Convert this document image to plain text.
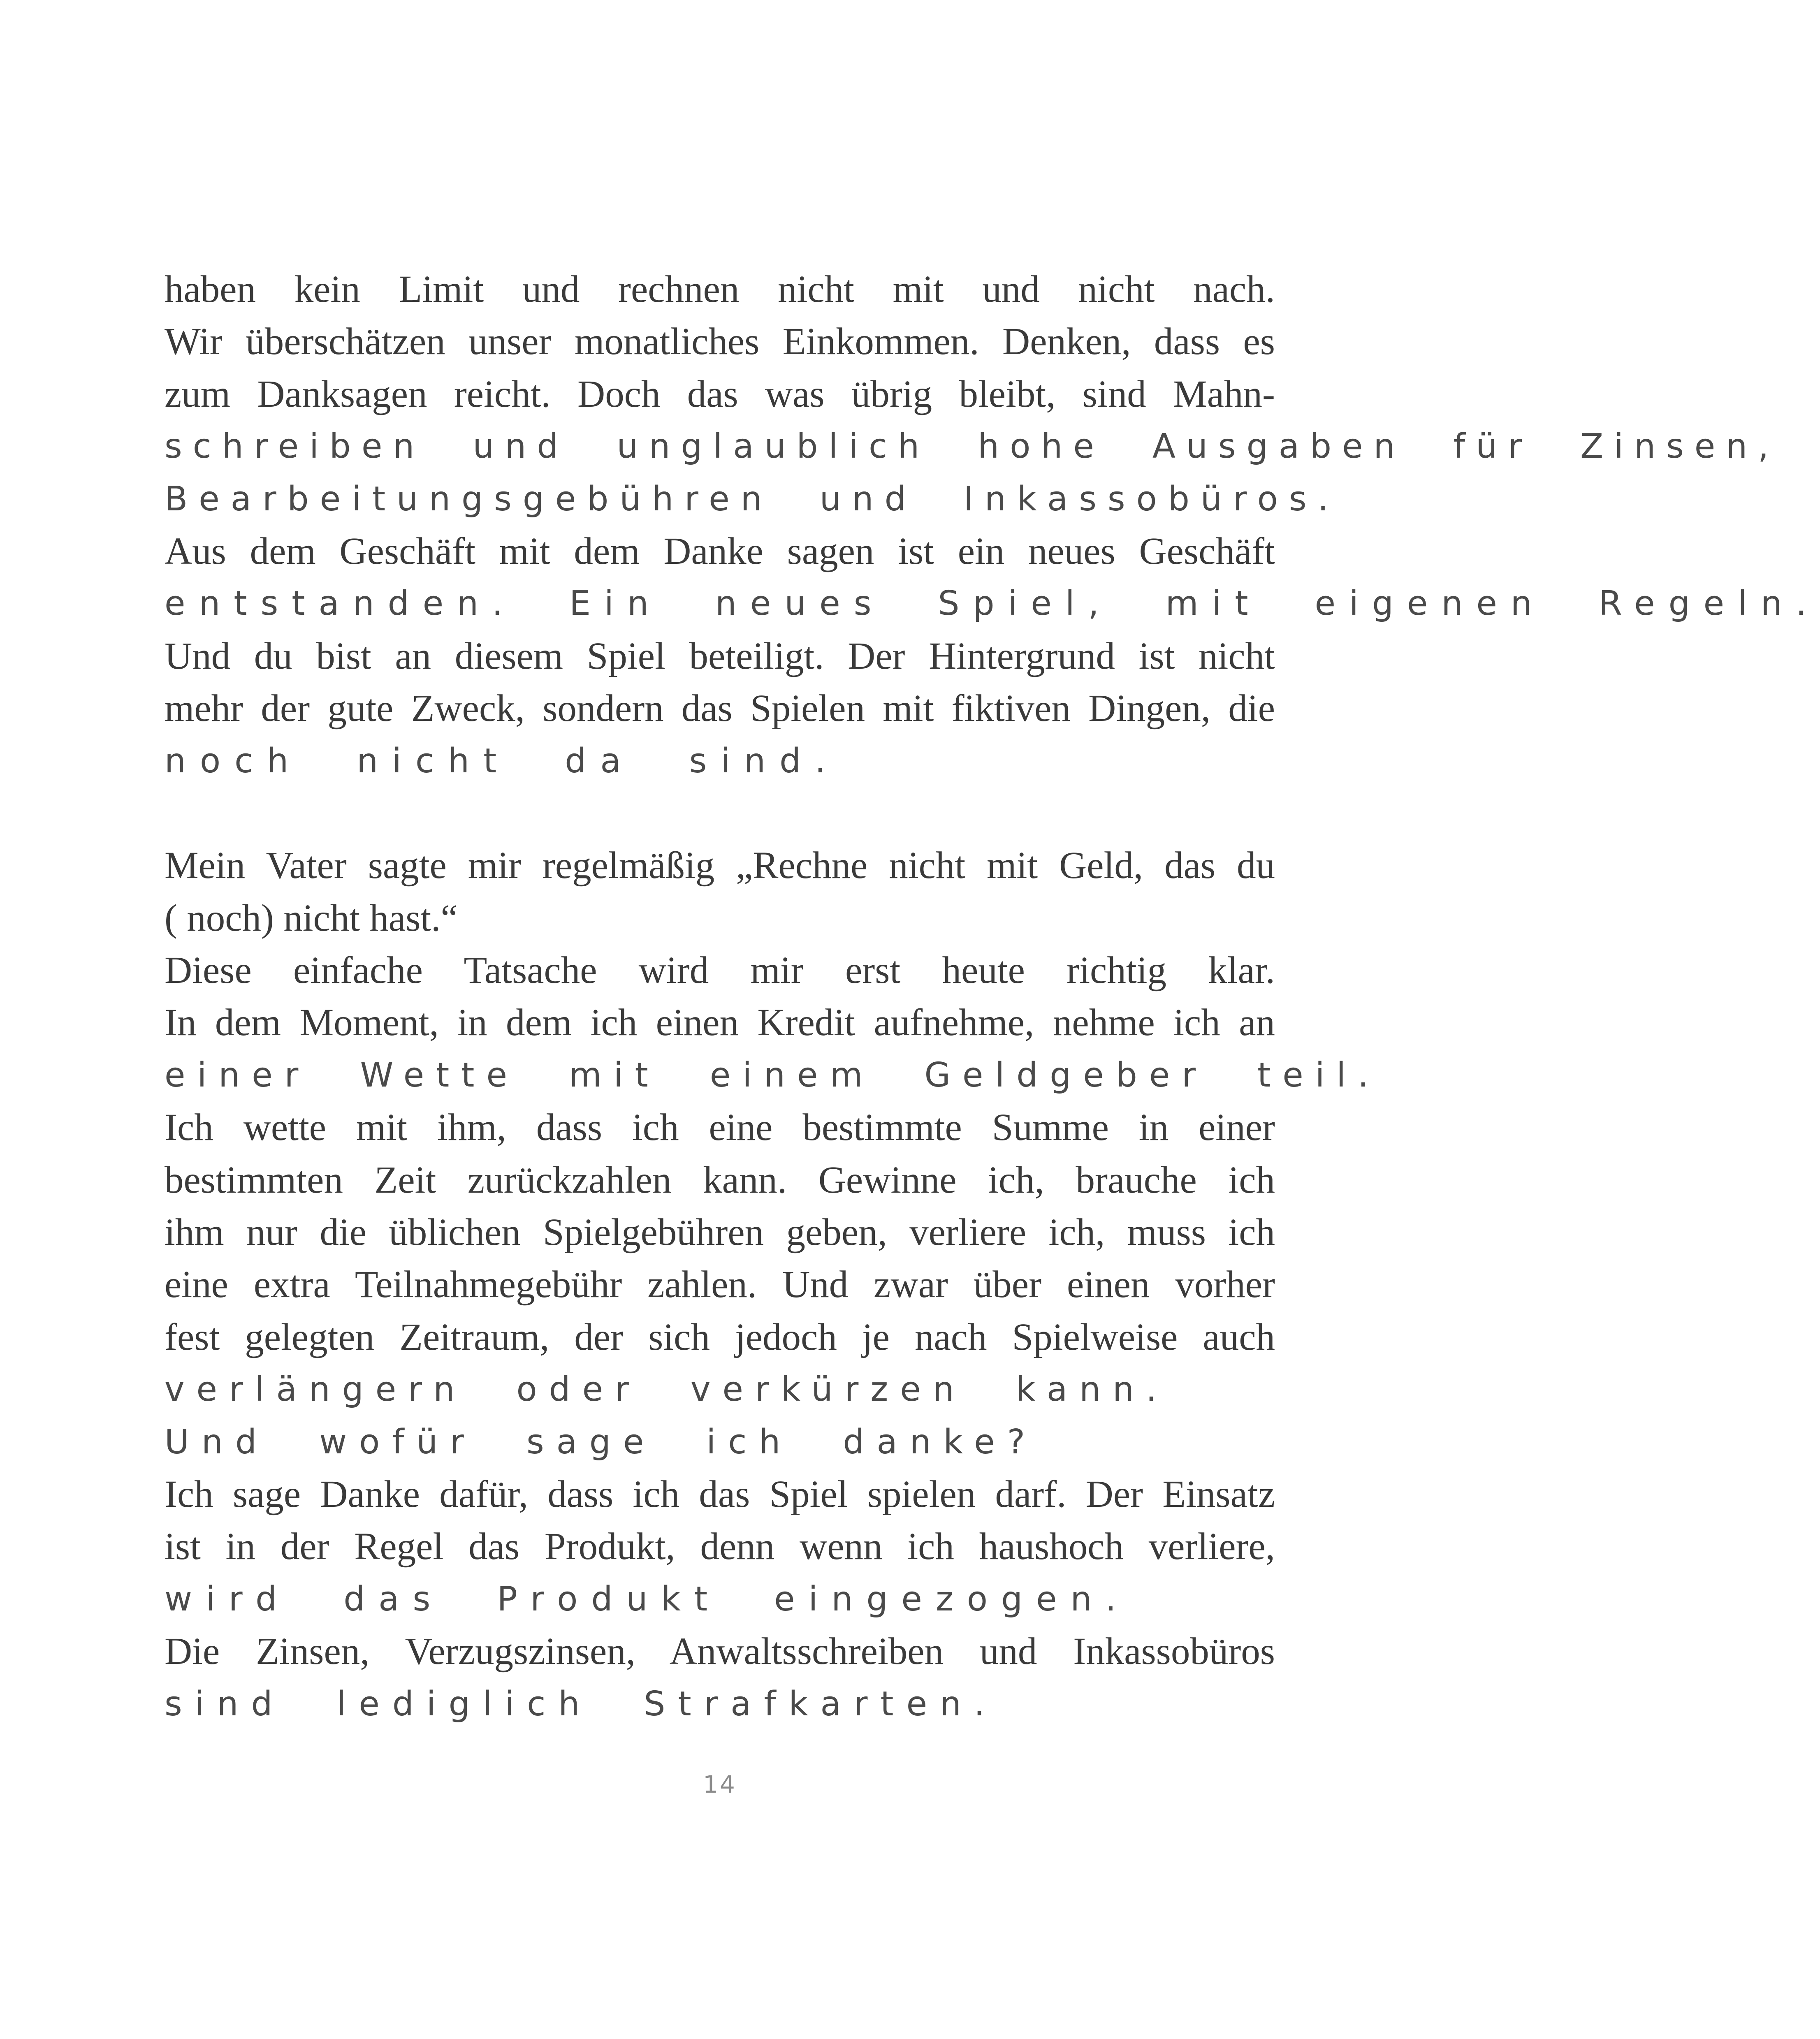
haben kein Limit und rechnen nicht mit und nicht nach.
Wir überschätzen unser monatliches Einkommen. Denken, dass es
zum Danksagen reicht. Doch das was übrig bleibt, sind Mahn-
schreiben und unglaublich hohe Ausgaben für Zinsen,
Bearbeitungsgebühren und Inkassobüros.
Aus dem Geschäft mit dem Danke sagen ist ein neues Geschäft
entstanden. Ein neues Spiel, mit eigenen Regeln.
Und du bist an diesem Spiel beteiligt. Der Hintergrund ist nicht
mehr der gute Zweck, sondern das Spielen mit fiktiven Dingen, die
noch nicht da sind.
Mein Vater sagte mir regelmäßig „Rechne nicht mit Geld, das du
( noch) nicht hast.“
Diese einfache Tatsache wird mir erst heute richtig klar.
In dem Moment, in dem ich einen Kredit aufnehme, nehme ich an
einer Wette mit einem Geldgeber teil.
Ich wette mit ihm, dass ich eine bestimmte Summe in einer
bestimmten Zeit zurückzahlen kann. Gewinne ich, brauche ich
ihm nur die üblichen Spielgebühren geben, verliere ich, muss ich
eine extra Teilnahmegebühr zahlen. Und zwar über einen vorher
fest gelegten Zeitraum, der sich jedoch je nach Spielweise auch
verlängern oder verkürzen kann.
Und wofür sage ich danke?
Ich sage Danke dafür, dass ich das Spiel spielen darf. Der Einsatz
ist in der Regel das Produkt, denn wenn ich haushoch verliere,
wird das Produkt eingezogen.
Die Zinsen, Verzugszinsen, Anwaltsschreiben und Inkassobüros
sind lediglich Strafkarten.
14
